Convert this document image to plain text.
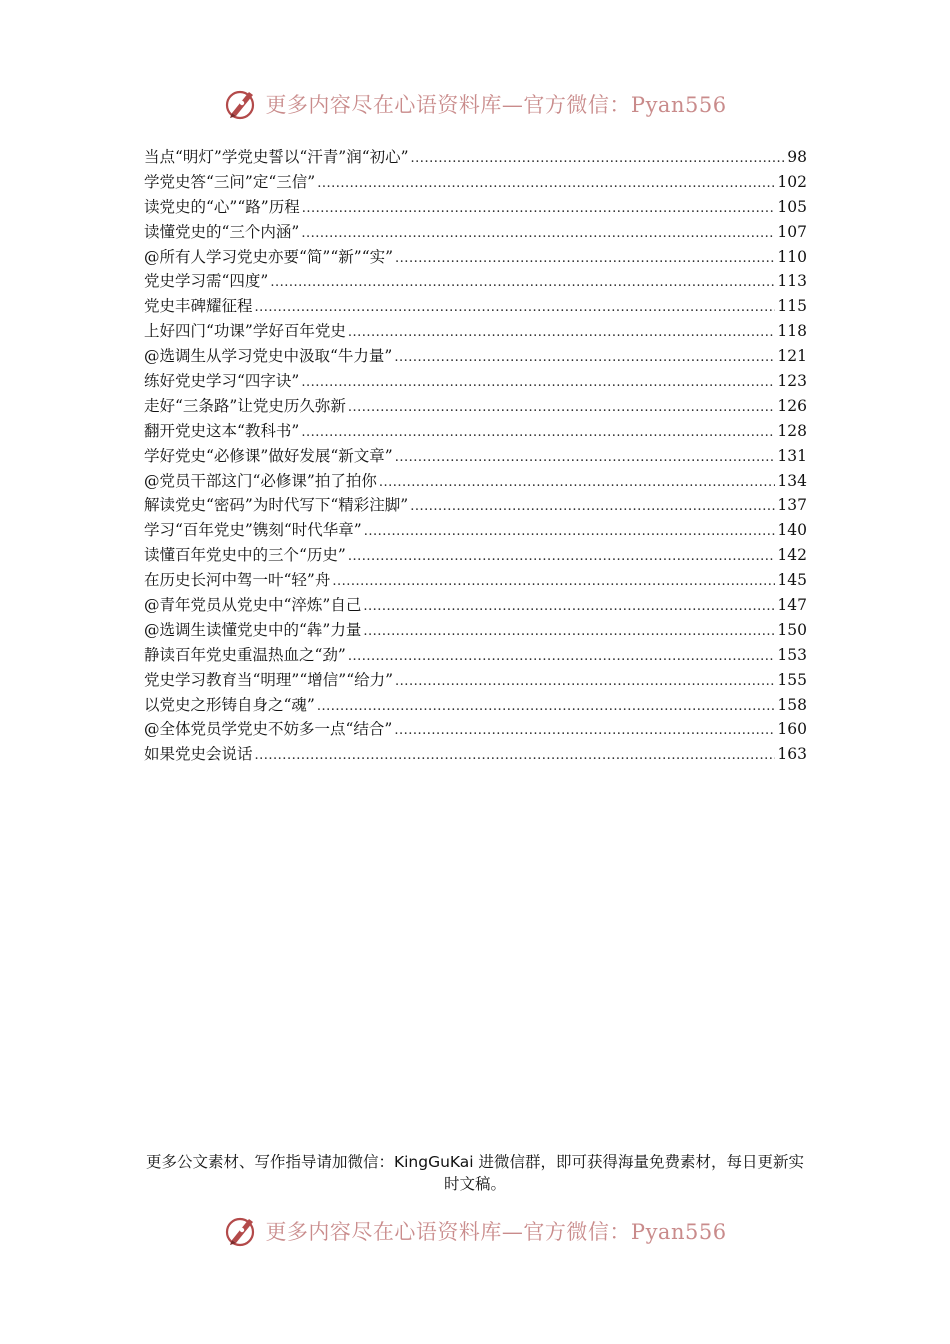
更多内容尽在心语资料库—官方微信：Pyan556
当点“明灯”学党史誓以“汗青”润“初心” .....	98
学党史答“三问”定“三信” .....	102
读党史的“心”“路”历程 .....	105
读懂党史的“三个内涵” .....	107
@所有人学习党史亦要“简”“新”“实” .....	110
党史学习需“四度” .....	113
党史丰碑耀征程 .....	115
上好四门“功课”学好百年党史 .....	118
@选调生从学习党史中汲取“牛力量” .....	121
练好党史学习“四字诀” .....	123
走好“三条路”让党史历久弥新 .....	126
翻开党史这本“教科书” .....	128
学好党史“必修课”做好发展“新文章” .....	131
@党员干部这门“必修课”拍了拍你 .....	134
解读党史“密码”为时代写下“精彩注脚” .....	137
学习“百年党史”镌刻“时代华章” .....	140
读懂百年党史中的三个“历史” .....	142
在历史长河中驾一叶“轻”舟 .....	145
@青年党员从党史中“淬炼”自己 .....	147
@选调生读懂党史中的“犇”力量 .....	150
静读百年党史重温热血之“劲” .....	153
党史学习教育当“明理”“增信”“给力” .....	155
以党史之形铸自身之“魂” .....	158
@全体党员学党史不妨多一点“结合” .....	160
如果党史会说话 .....	163
更多公文素材、写作指导请加微信：KingGuKai 进微信群，即可获得海量免费素材，每日更新实时文稿。
更多内容尽在心语资料库—官方微信：Pyan556
